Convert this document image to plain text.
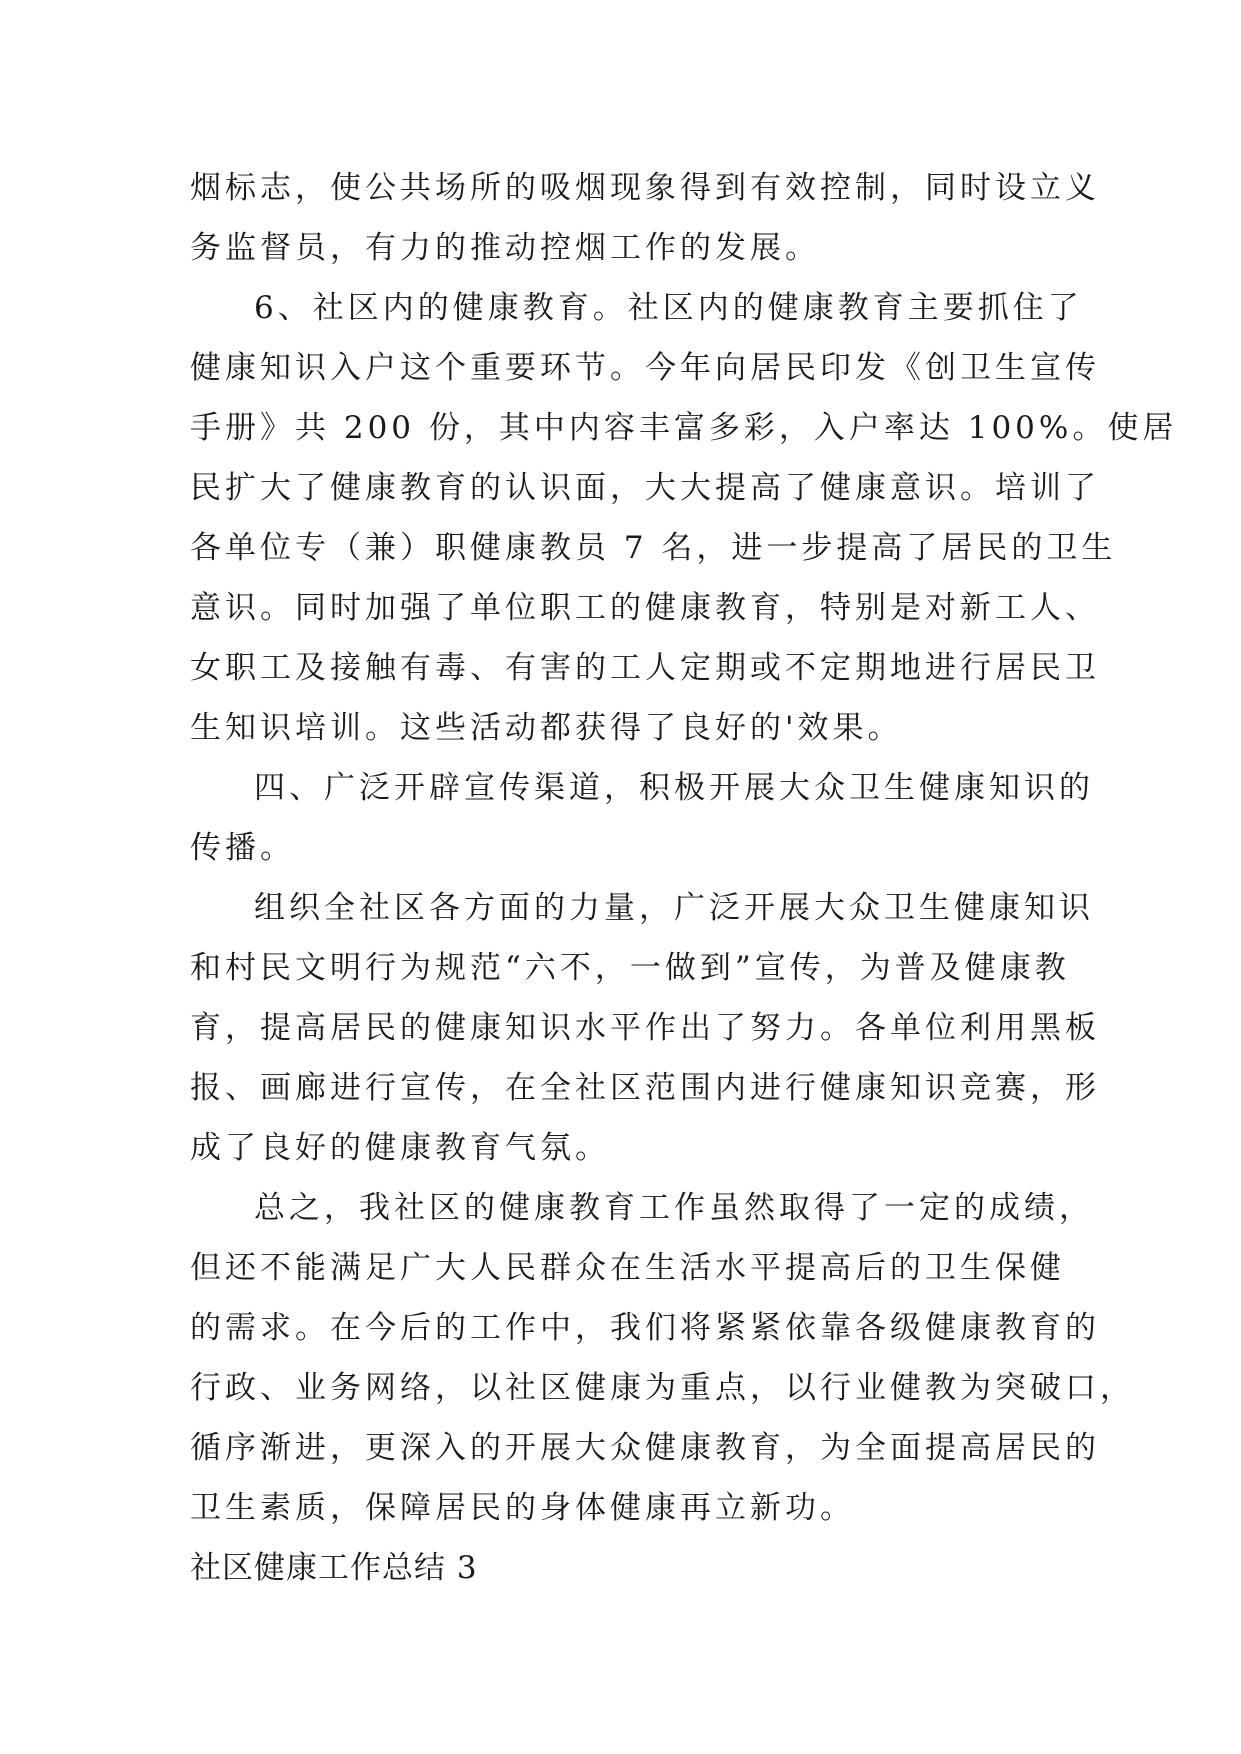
烟标志，使公共场所的吸烟现象得到有效控制，同时设立义
务监督员，有力的推动控烟工作的发展。
6、社区内的健康教育。社区内的健康教育主要抓住了
健康知识入户这个重要环节。今年向居民印发《创卫生宣传
手册》共 200 份，其中内容丰富多彩，入户率达 100%。使居
民扩大了健康教育的认识面，大大提高了健康意识。培训了
各单位专（兼）职健康教员 7 名，进一步提高了居民的卫生
意识。同时加强了单位职工的健康教育，特别是对新工人、
女职工及接触有毒、有害的工人定期或不定期地进行居民卫
生知识培训。这些活动都获得了良好的'效果。
四、广泛开辟宣传渠道，积极开展大众卫生健康知识的
传播。
组织全社区各方面的力量，广泛开展大众卫生健康知识
和村民文明行为规范“六不，一做到”宣传，为普及健康教
育，提高居民的健康知识水平作出了努力。各单位利用黑板
报、画廊进行宣传，在全社区范围内进行健康知识竞赛，形
成了良好的健康教育气氛。
总之，我社区的健康教育工作虽然取得了一定的成绩，
但还不能满足广大人民群众在生活水平提高后的卫生保健
的需求。在今后的工作中，我们将紧紧依靠各级健康教育的
行政、业务网络，以社区健康为重点，以行业健教为突破口，
循序渐进，更深入的开展大众健康教育，为全面提高居民的
卫生素质，保障居民的身体健康再立新功。
社区健康工作总结 3
